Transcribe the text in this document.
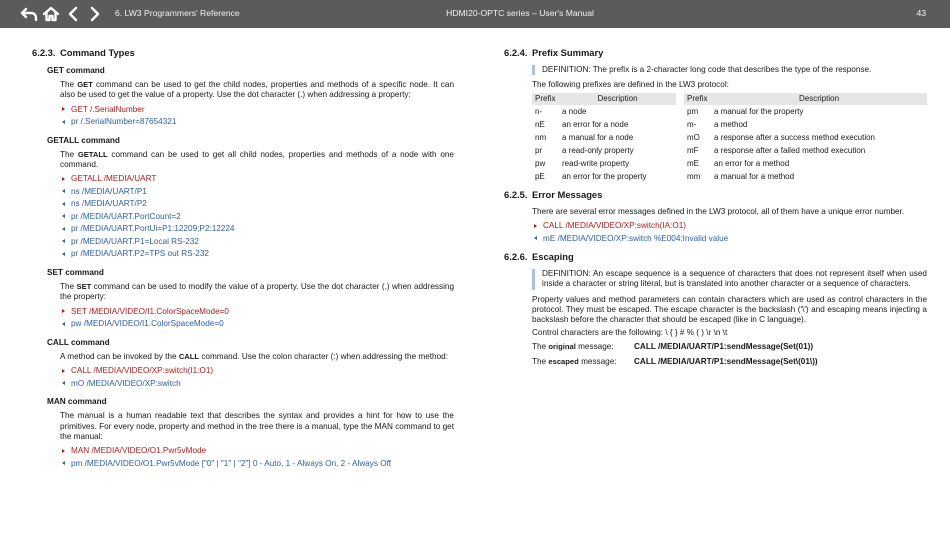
6. LW3 Programmers' Reference	HDMI20-OPTC series – User's Manual	43
6.2.3. Command Types
GET command

The GET command can be used to get the child nodes, properties and methods of a specific node. It can also be used to get the value of a property. Use the dot character (.) when addressing a property:

GET /.SerialNumber
pr /.SerialNumber=87654321
GETALL command

The GETALL command can be used to get all child nodes, properties and methods of a node with one command.

GETALL /MEDIA/UART
ns /MEDIA/UART/P1
ns /MEDIA/UART/P2
pr /MEDIA/UART.PortCount=2
pr /MEDIA/UART.PortUi=P1:12209;P2:12224
pr /MEDIA/UART.P1=Local RS-232
pr /MEDIA/UART.P2=TPS out RS-232
SET command

The SET command can be used to modify the value of a property. Use the dot character (.) when addressing the property:

SET /MEDIA/VIDEO/I1.ColorSpaceMode=0
pw /MEDIA/VIDEO/I1.ColorSpaceMode=0
CALL command

A method can be invoked by the CALL command. Use the colon character (:) when addressing the method:

CALL /MEDIA/VIDEO/XP:switch(I1:O1)
mO /MEDIA/VIDEO/XP:switch
MAN command

The manual is a human readable text that describes the syntax and provides a hint for how to use the primitives. For every node, property and method in the tree there is a manual, type the MAN command to get the manual:

MAN /MEDIA/VIDEO/O1.Pwr5vMode
pm /MEDIA/VIDEO/O1.Pwr5vMode ["0" | "1" | "2"] 0 - Auto, 1 - Always On, 2 - Always Off
6.2.4. Prefix Summary

DEFINITION: The prefix is a 2-character long code that describes the type of the response.

The following prefixes are defined in the LW3 protocol:

Prefix	Description		Prefix	Description
n-	a node		pm	a manual for the property
nE	an error for a node		m-	a method
nm	a manual for a node		mO	a response after a success method execution
pr	a read-only property		mF	a response after a failed method execution
pw	read-write property		mE	an error for a method
pE	an error for the property		mm	a manual for a method
6.2.5. Error Messages

There are several error messages defined in the LW3 protocol, all of them have a unique error number.

CALL /MEDIA/VIDEO/XP:switch(IA:O1)
mE /MEDIA/VIDEO/XP:switch %E004:Invalid value
6.2.6. Escaping

DEFINITION: An escape sequence is a sequence of characters that does not represent itself when used inside a character or string literal, but is translated into another character or a sequence of characters.

Property values and method parameters can contain characters which are used as control characters in the protocol. They must be escaped. The escape character is the backslash ('\') and escaping means injecting a backslash before the character that should be escaped (like in C language).

Control characters are the following: \ { } # % ( ) \r \n \t

The original message:	CALL /MEDIA/UART/P1:sendMessage(Set(01))
The escaped message:	CALL /MEDIA/UART/P1:sendMessage(Set\(01\))
